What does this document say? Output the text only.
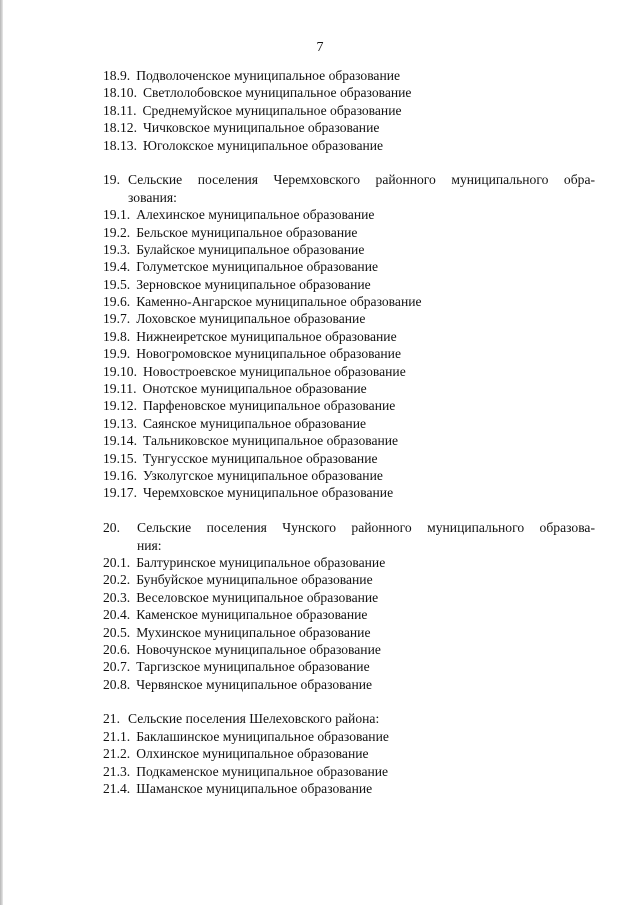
7
18.9. Подволоченское муниципальное образование
18.10. Светлолобовское муниципальное образование
18.11. Среднемуйское муниципальное образование
18.12. Чичковское муниципальное образование
18.13. Юголокское муниципальное образование
19. Сельские поселения Черемховского районного муниципального обра-
зования:
19.1. Алехинское муниципальное образование
19.2. Бельское муниципальное образование
19.3. Булайское муниципальное образование
19.4. Голуметское муниципальное образование
19.5. Зерновское муниципальное образование
19.6. Каменно-Ангарское муниципальное образование
19.7. Лоховское муниципальное образование
19.8. Нижнеиретское муниципальное образование
19.9. Новогромовское муниципальное образование
19.10. Новостроевское муниципальное образование
19.11. Онотское муниципальное образование
19.12. Парфеновское муниципальное образование
19.13. Саянское муниципальное образование
19.14. Тальниковское муниципальное образование
19.15. Тунгусское муниципальное образование
19.16. Узколугское муниципальное образование
19.17. Черемховское муниципальное образование
20.	Сельские поселения Чунского районного муниципального образова-
ния:
20.1. Балтуринское муниципальное образование
20.2. Бунбуйское муниципальное образование
20.3. Веселовское муниципальное образование
20.4. Каменское муниципальное образование
20.5. Мухинское муниципальное образование
20.6. Новочунское муниципальное образование
20.7. Таргизское муниципальное образование
20.8. Червянское муниципальное образование
21. Сельские поселения Шелеховского района:
21.1. Баклашинское муниципальное образование
21.2. Олхинское муниципальное образование
21.3. Подкаменское муниципальное образование
21.4. Шаманское муниципальное образование
